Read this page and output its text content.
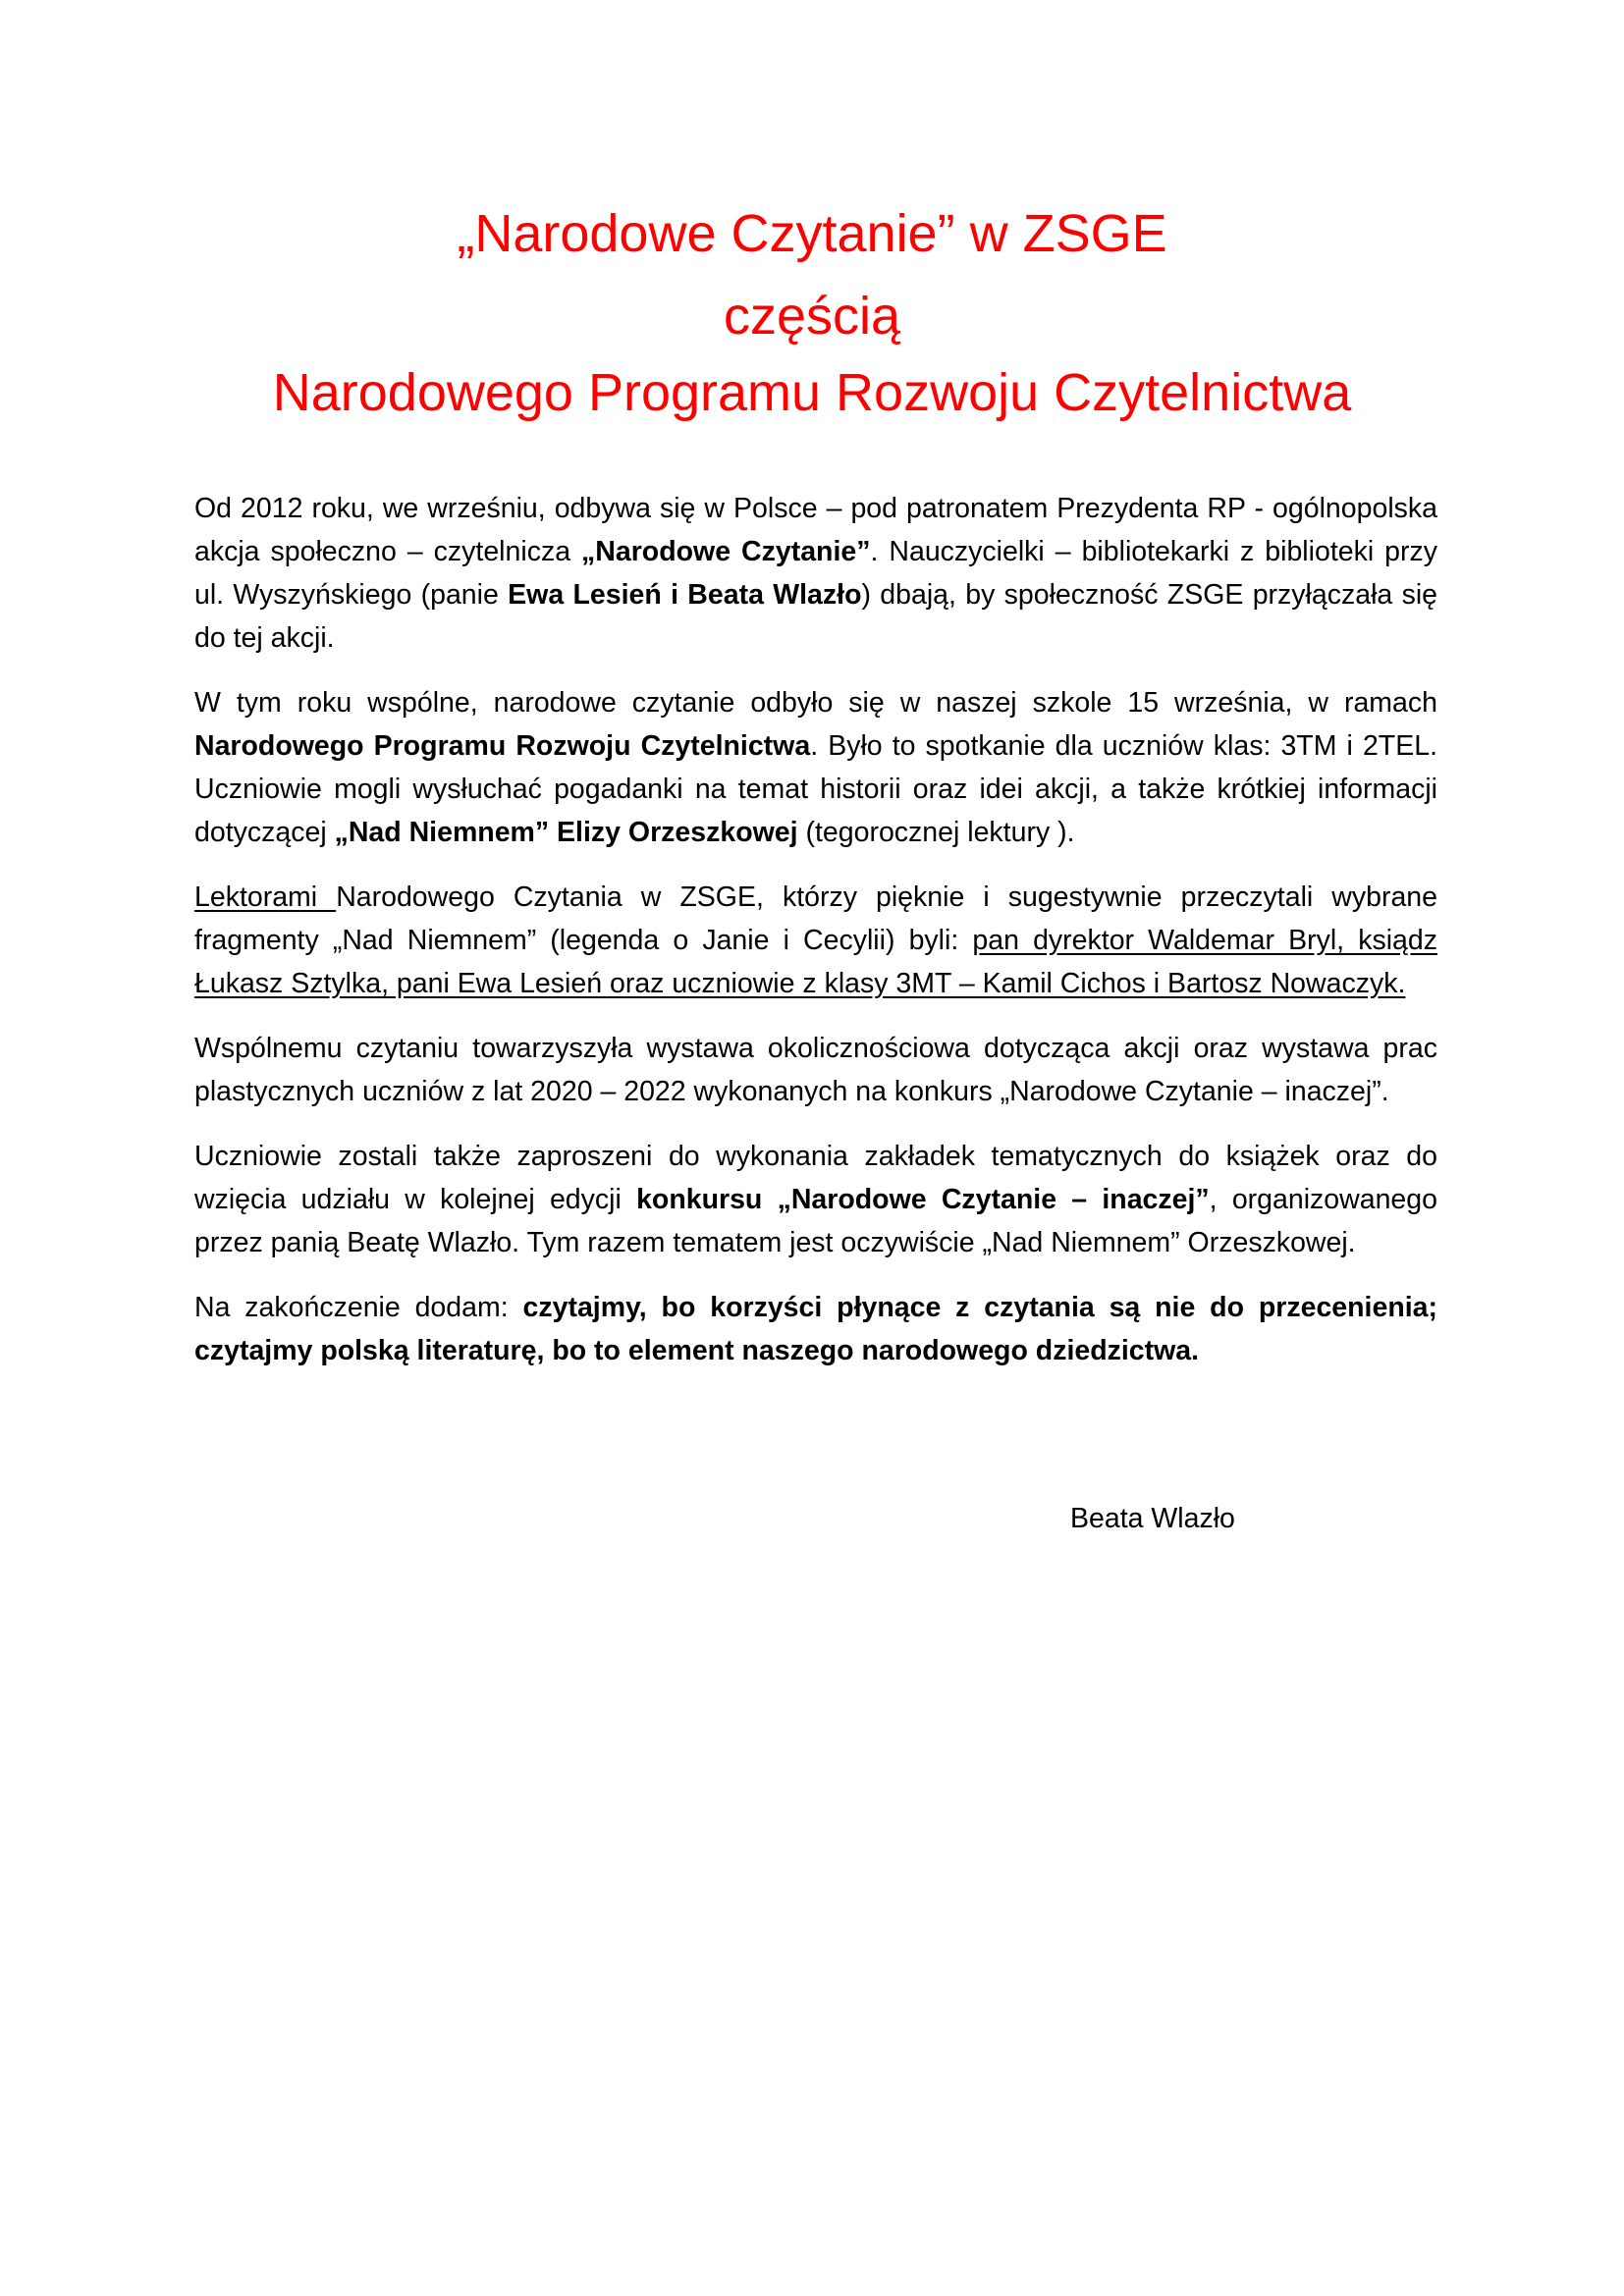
„Narodowe Czytanie” w ZSGE
częścią
Narodowego Programu Rozwoju Czytelnictwa

Od 2012 roku, we wrześniu, odbywa się w Polsce – pod patronatem Prezydenta RP - ogólnopolska akcja społeczno – czytelnicza „Narodowe Czytanie”. Nauczycielki – bibliotekarki z biblioteki przy ul. Wyszyńskiego (panie Ewa Lesień i Beata Wlazło) dbają, by społeczność ZSGE przyłączała się do tej akcji.

W tym roku wspólne, narodowe czytanie odbyło się w naszej szkole 15 września, w ramach Narodowego Programu Rozwoju Czytelnictwa. Było to spotkanie dla uczniów klas: 3TM i 2TEL. Uczniowie mogli wysłuchać pogadanki na temat historii oraz idei akcji, a także krótkiej informacji dotyczącej „Nad Niemnem” Elizy Orzeszkowej (tegorocznej lektury ).

Lektorami Narodowego Czytania w ZSGE, którzy pięknie i sugestywnie przeczytali wybrane fragmenty „Nad Niemnem” (legenda o Janie i Cecylii) byli: pan dyrektor Waldemar Bryl, ksiądz Łukasz Sztylka, pani Ewa Lesień oraz uczniowie z klasy 3MT – Kamil Cichos i Bartosz Nowaczyk.

Wspólnemu czytaniu towarzyszyła wystawa okolicznościowa dotycząca akcji oraz wystawa prac plastycznych uczniów z lat 2020 – 2022 wykonanych na konkurs „Narodowe Czytanie – inaczej”.

Uczniowie zostali także zaproszeni do wykonania zakładek tematycznych do książek oraz do wzięcia udziału w kolejnej edycji konkursu „Narodowe Czytanie – inaczej”, organizowanego przez panią Beatę Wlazło. Tym razem tematem jest oczywiście „Nad Niemnem” Orzeszkowej.

Na zakończenie dodam: czytajmy, bo korzyści płynące z czytania są nie do przecenienia; czytajmy polską literaturę, bo to element naszego narodowego dziedzictwa.

Beata Wlazło
